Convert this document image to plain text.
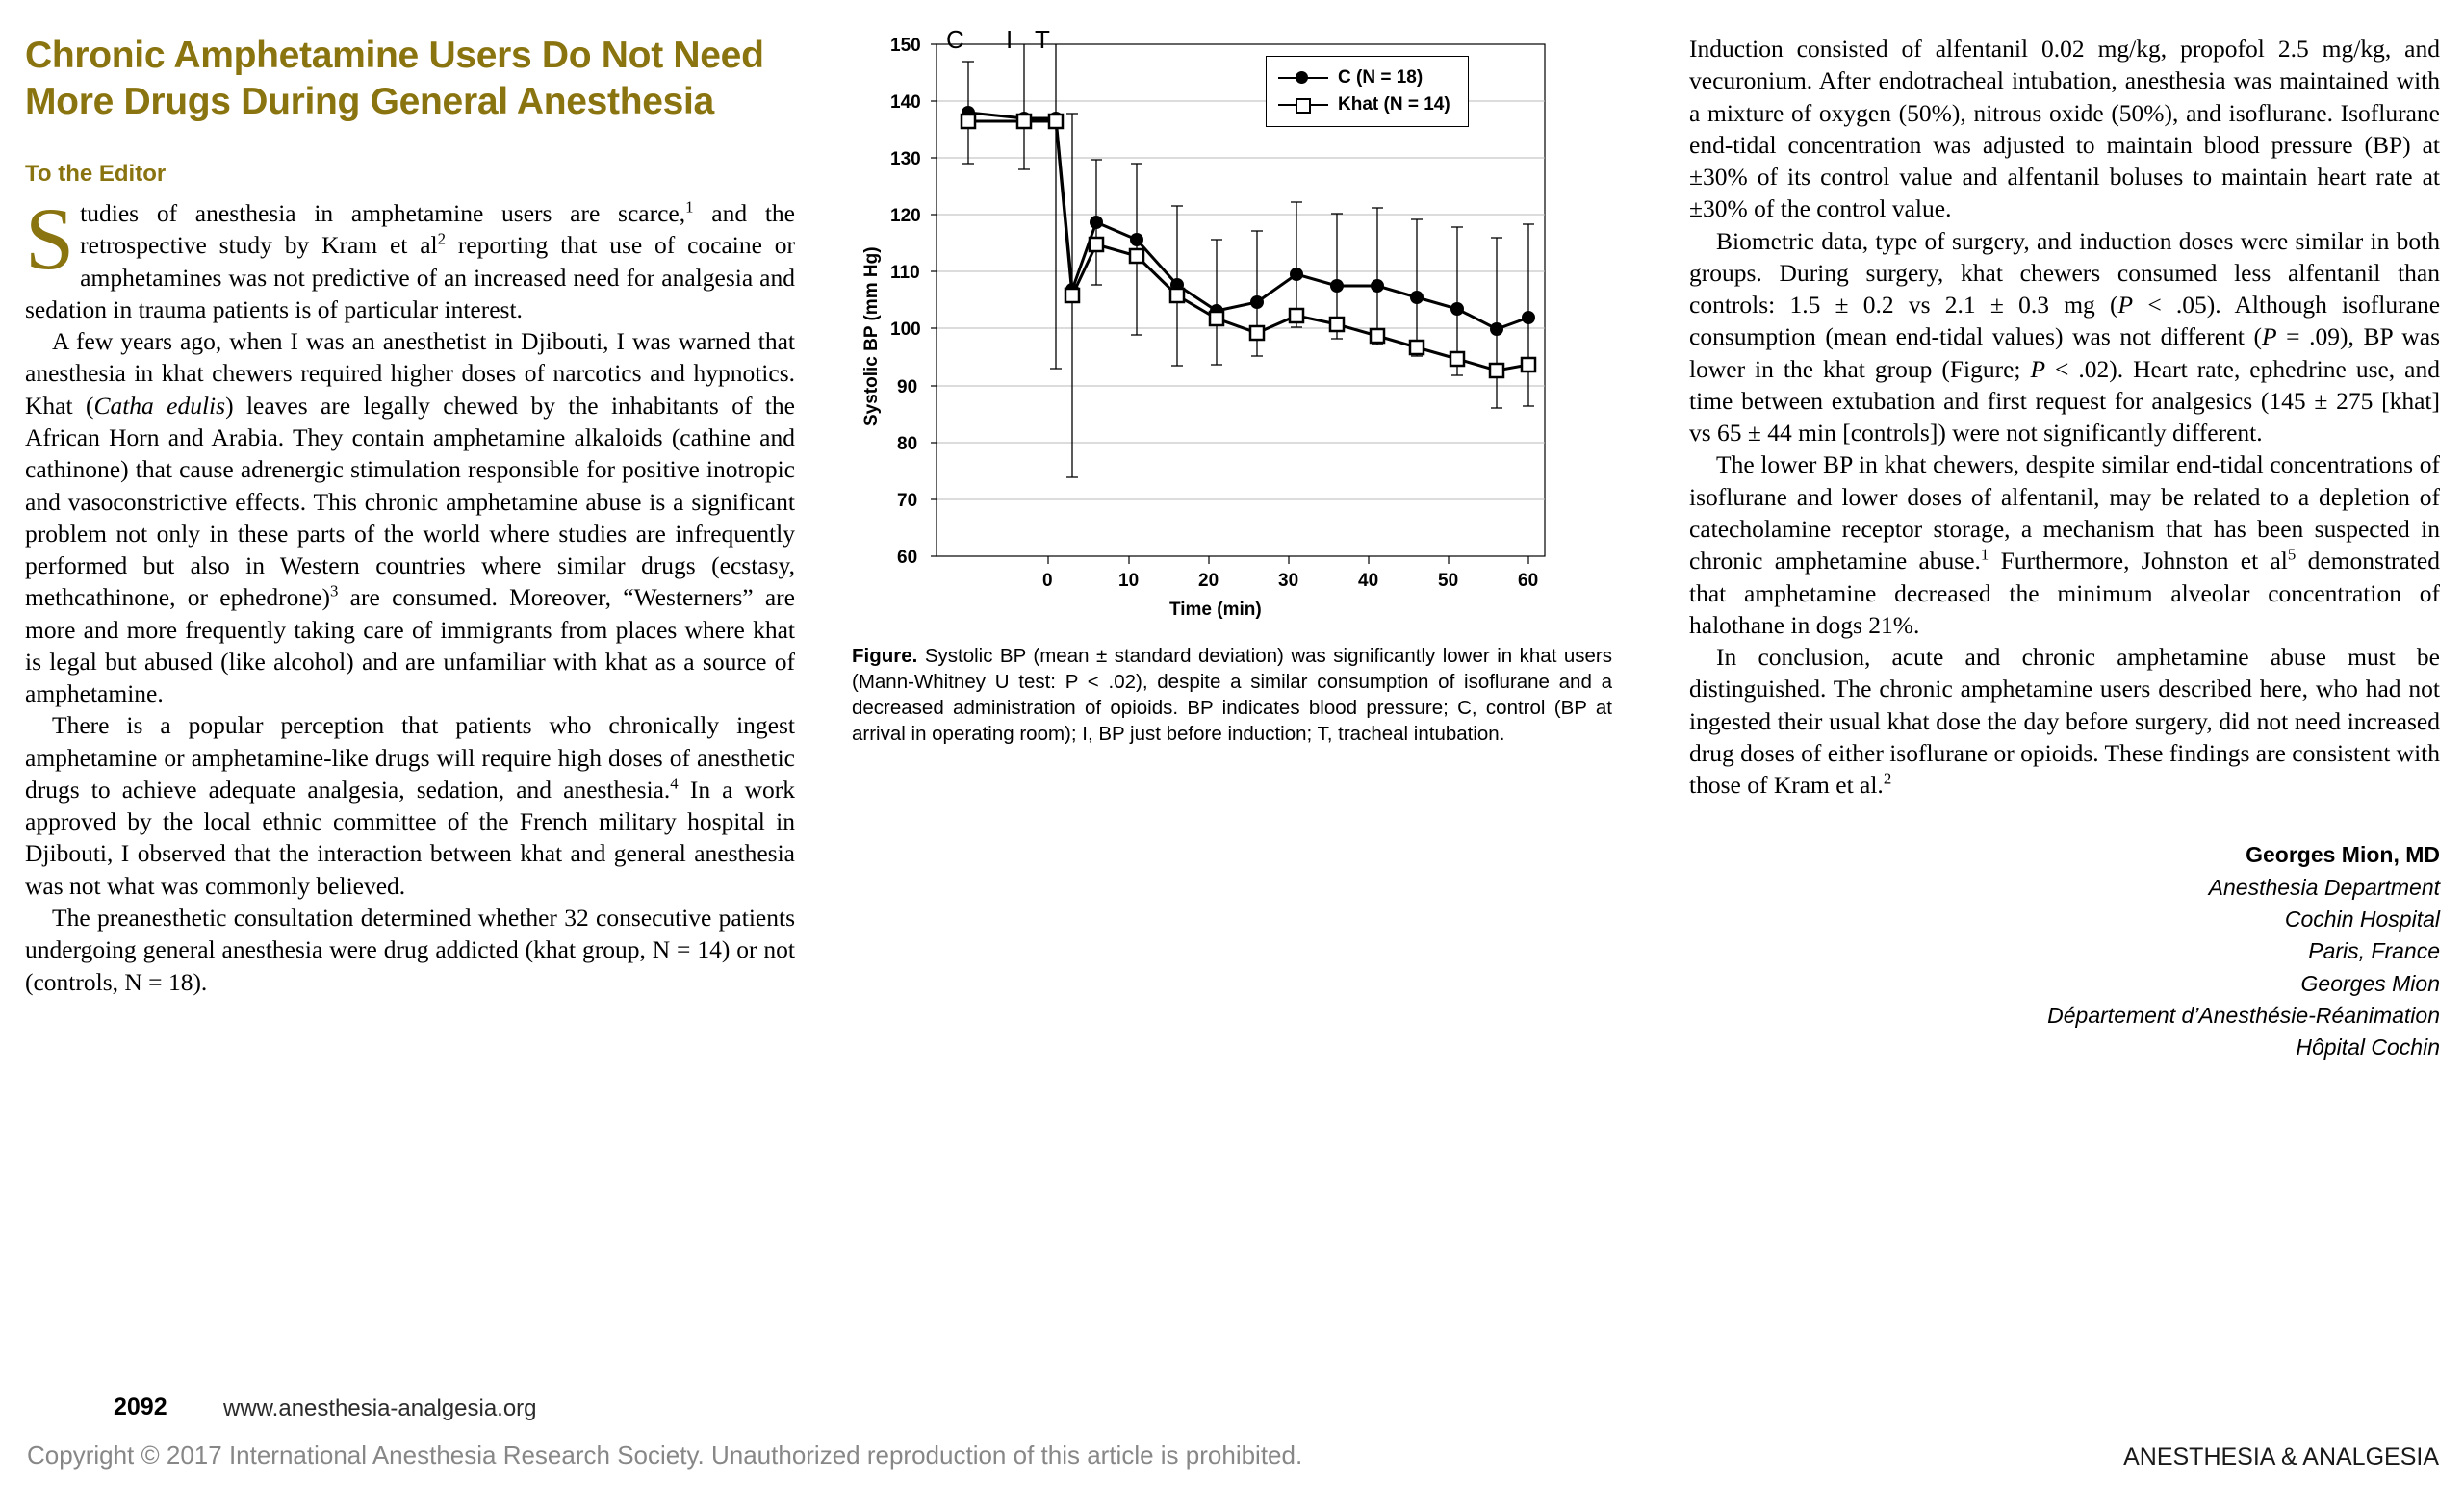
Chronic Amphetamine Users Do Not Need More Drugs During General Anesthesia
To the Editor

Studies of anesthesia in amphetamine users are scarce,$^1$ and the retrospective study by Kram et $al^2$ reporting that use of cocaine or amphetamines was not predictive of an increased need for analgesia and sedation in trauma patients is of particular interest.

A few years ago, when I was an anesthetist in Djibouti, I was warned that anesthesia in khat chewers required higher doses of narcotics and hypnotics. Khat (Catha edulis) leaves are legally chewed by the inhabitants of the African Horn and Arabia. They contain amphetamine alkaloids (cathine and cathinone) that cause adrenergic stimulation responsible for positive inotropic and vasoconstrictive effects. This chronic amphetamine abuse is a significant problem not only in these parts of the world where studies are infrequently performed but also in Western countries where similar drugs (ecstasy, methcathinone, or ephedrone)$^3$ are consumed. Moreover, “Westerners” are more and more frequently taking care of immigrants from places where khat is legal but abused (like alcohol) and are unfamiliar with khat as a source of amphetamine.

There is a popular perception that patients who chronically ingest amphetamine or amphetamine-like drugs will require high doses of anesthetic drugs to achieve adequate analgesia, sedation, and anesthesia.$^4$ In a work approved by the local ethnic committee of the French military hospital in Djibouti, I observed that the interaction between khat and general anesthesia was not what was commonly believed.

The preanesthetic consultation determined whether 32 consecutive patients undergoing general anesthesia were drug addicted (khat group, N = 14) or not (controls, N = 18).

Systolic BP (mm Hg)
Time (min)
C I T
150
140
130
120
110
100
90
80
70
60
0	10	20	30	40	50	60
C (N = 18)
Khat (N = 14)
Figure. Systolic BP (mean ± standard deviation) was significantly lower in khat users (Mann-Whitney U test: P < .02), despite a similar consumption of isoflurane and a decreased administration of opioids. BP indicates blood pressure; C, control (BP at arrival in operating room); I, BP just before induction; T, tracheal intubation.

Induction consisted of alfentanil 0.02 mg/kg, propofol 2.5 mg/kg, and vecuronium. After endotracheal intubation, anesthesia was maintained with a mixture of oxygen (50%), nitrous oxide (50%), and isoflurane. Isoflurane end-tidal concentration was adjusted to maintain blood pressure (BP) at ±30% of its control value and alfentanil boluses to maintain heart rate at ±30% of the control value.

Biometric data, type of surgery, and induction doses were similar in both groups. During surgery, khat chewers consumed less alfentanil than controls: 1.5 ± 0.2 vs 2.1 ± 0.3 mg (P < .05). Although isoflurane consumption (mean end-tidal values) was not different (P = .09), BP was lower in the khat group (Figure; P < .02). Heart rate, ephedrine use, and time between extubation and first request for analgesics (145 ± 275 [khat] vs 65 ± 44 min [controls]) were not significantly different.

The lower BP in khat chewers, despite similar end-tidal concentrations of isoflurane and lower doses of alfentanil, may be related to a depletion of catecholamine receptor storage, a mechanism that has been suspected in chronic amphetamine abuse.$^1$ Furthermore, Johnston et $al^5$ demonstrated that amphetamine decreased the minimum alveolar concentration of halothane in dogs 21%.

In conclusion, acute and chronic amphetamine abuse must be distinguished. The chronic amphetamine users described here, who had not ingested their usual khat dose the day before surgery, did not need increased drug doses of either isoflurane or opioids. These findings are consistent with those of Kram et al.$^2$

Georges Mion, MD
Anesthesia Department
Cochin Hospital
Paris, France
Georges Mion
Département d’Anesthésie-Réanimation
Hôpital Cochin
2092 www.anesthesia-analgesia.org
Copyright © 2017 International Anesthesia Research Society. Unauthorized reproduction of this article is prohibited.	ANESTHESIA & ANALGESIA
